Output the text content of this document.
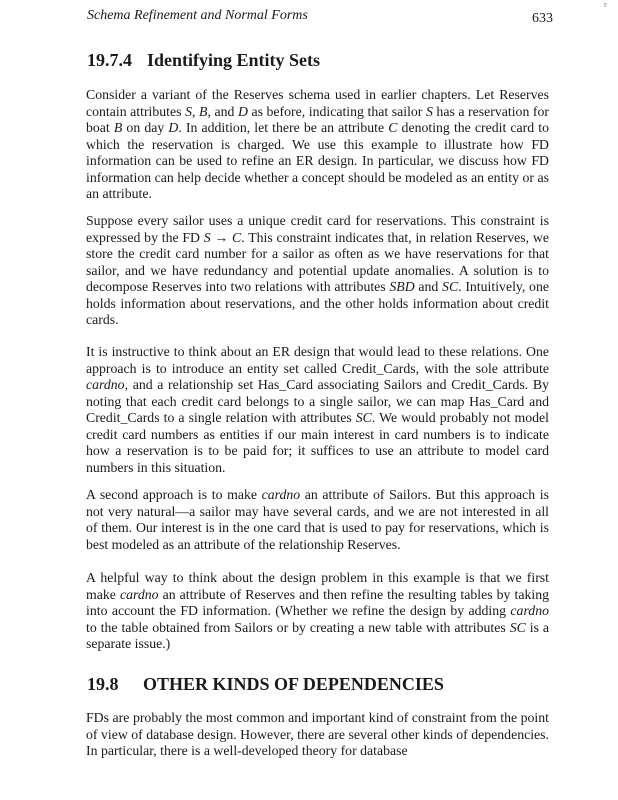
Schema Refinement and Normal Forms	633
r
19.7.4 Identifying Entity Sets

Consider a variant of the Reserves schema used in earlier chapters. Let Reserves contain attributes S, B, and D as before, indicating that sailor S has a reservation for boat B on day D. In addition, let there be an attribute C denoting the credit card to which the reservation is charged. We use this example to illustrate how FD information can be used to refine an ER design. In particular, we discuss how FD information can help decide whether a concept should be modeled as an entity or as an attribute.

Suppose every sailor uses a unique credit card for reservations. This constraint is expressed by the FD S → C. This constraint indicates that, in relation Reserves, we store the credit card number for a sailor as often as we have reservations for that sailor, and we have redundancy and potential update anomalies. A solution is to decompose Reserves into two relations with attributes SBD and SC. Intuitively, one holds information about reservations, and the other holds information about credit cards.

It is instructive to think about an ER design that would lead to these relations. One approach is to introduce an entity set called Credit_Cards, with the sole attribute cardno, and a relationship set Has_Card associating Sailors and Credit_Cards. By noting that each credit card belongs to a single sailor, we can map Has_Card and Credit_Cards to a single relation with attributes SC. We would probably not model credit card numbers as entities if our main interest in card numbers is to indicate how a reservation is to be paid for; it suffices to use an attribute to model card numbers in this situation.

A second approach is to make cardno an attribute of Sailors. But this approach is not very natural—a sailor may have several cards, and we are not interested in all of them. Our interest is in the one card that is used to pay for reservations, which is best modeled as an attribute of the relationship Reserves.

A helpful way to think about the design problem in this example is that we first make cardno an attribute of Reserves and then refine the resulting tables by taking into account the FD information. (Whether we refine the design by adding cardno to the table obtained from Sailors or by creating a new table with attributes SC is a separate issue.)

19.8 OTHER KINDS OF DEPENDENCIES

FDs are probably the most common and important kind of constraint from the point of view of database design. However, there are several other kinds of dependencies. In particular, there is a well-developed theory for database
